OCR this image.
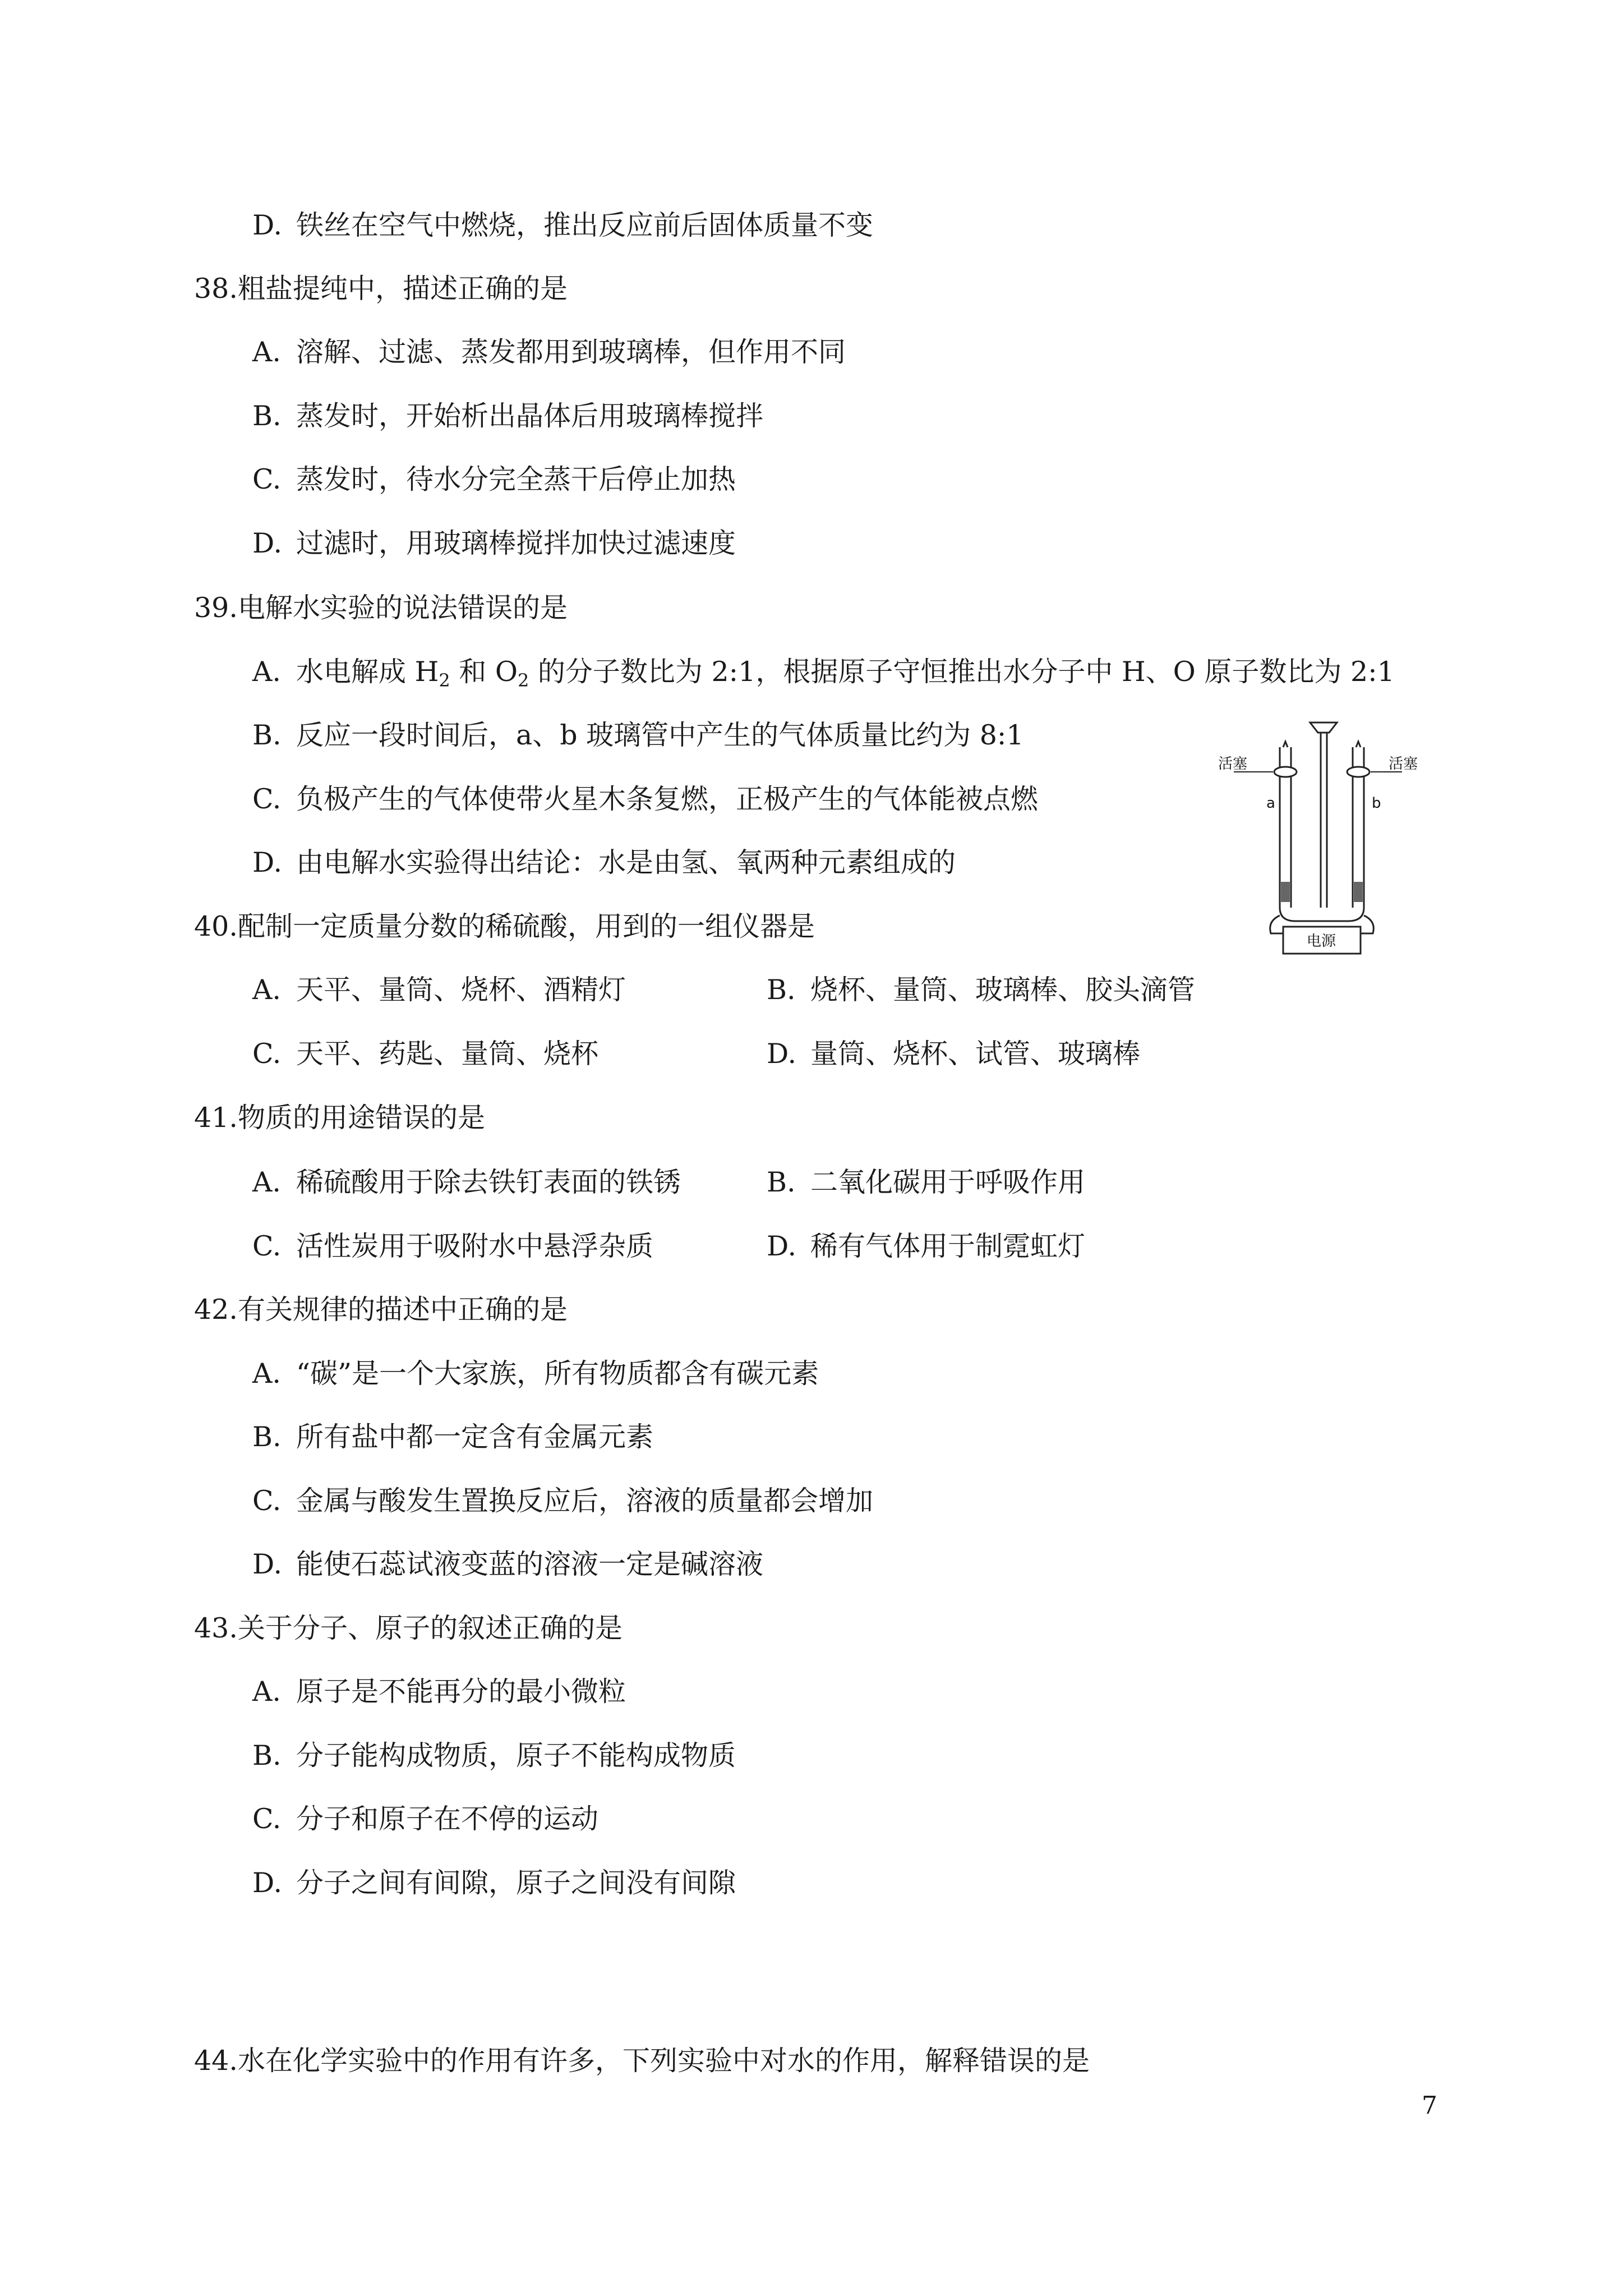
D. 铁丝在空气中燃烧，推出反应前后固体质量不变
38.粗盐提纯中，描述正确的是
A. 溶解、过滤、蒸发都用到玻璃棒，但作用不同
B. 蒸发时，开始析出晶体后用玻璃棒搅拌
C. 蒸发时，待水分完全蒸干后停止加热
D. 过滤时，用玻璃棒搅拌加快过滤速度
39.电解水实验的说法错误的是
A. 水电解成 $H_2$ 和 $O_2$ 的分子数比为 2:1，根据原子守恒推出水分子中 H、O 原子数比为 2:1
B. 反应一段时间后，a、b 玻璃管中产生的气体质量比约为 8:1
C. 负极产生的气体使带火星木条复燃，正极产生的气体能被点燃
D. 由电解水实验得出结论：水是由氢、氧两种元素组成的
活塞	活塞
a	b
电源
40.配制一定质量分数的稀硫酸，用到的一组仪器是
A. 天平、量筒、烧杯、酒精灯	B. 烧杯、量筒、玻璃棒、胶头滴管
C. 天平、药匙、量筒、烧杯	D. 量筒、烧杯、试管、玻璃棒
41.物质的用途错误的是
A. 稀硫酸用于除去铁钉表面的铁锈	B. 二氧化碳用于呼吸作用
C. 活性炭用于吸附水中悬浮杂质	D. 稀有气体用于制霓虹灯
42.有关规律的描述中正确的是
A. “碳”是一个大家族，所有物质都含有碳元素
B. 所有盐中都一定含有金属元素
C. 金属与酸发生置换反应后，溶液的质量都会增加
D. 能使石蕊试液变蓝的溶液一定是碱溶液
43.关于分子、原子的叙述正确的是
A. 原子是不能再分的最小微粒
B. 分子能构成物质，原子不能构成物质
C. 分子和原子在不停的运动
D. 分子之间有间隙，原子之间没有间隙
44.水在化学实验中的作用有许多，下列实验中对水的作用，解释错误的是
7
